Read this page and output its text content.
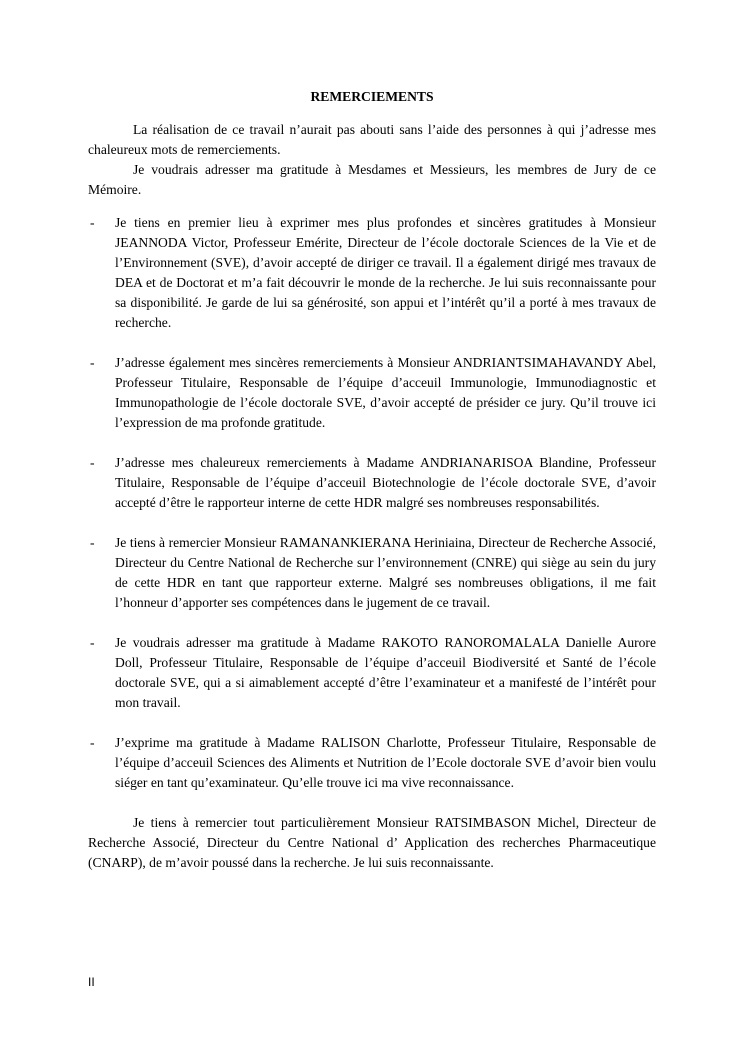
REMERCIEMENTS

La réalisation de ce travail n’aurait pas abouti sans l’aide des personnes à qui j’adresse mes chaleureux mots de remerciements.

Je voudrais adresser ma gratitude à Mesdames et Messieurs, les membres de Jury de ce Mémoire.

- Je tiens en premier lieu à exprimer mes plus profondes et sincères gratitudes à Monsieur JEANNODA Victor, Professeur Emérite, Directeur de l’école doctorale Sciences de la Vie et de l’Environnement (SVE), d’avoir accepté de diriger ce travail. Il a également dirigé mes travaux de DEA et de Doctorat et m’a fait découvrir le monde de la recherche. Je lui suis reconnaissante pour sa disponibilité. Je garde de lui sa générosité, son appui et l’intérêt qu’il a porté à mes travaux de recherche.
- J’adresse également mes sincères remerciements à Monsieur ANDRIANTSIMAHAVANDY Abel, Professeur Titulaire, Responsable de l’équipe d’acceuil Immunologie, Immunodiagnostic et Immunopathologie de l’école doctorale SVE, d’avoir accepté de présider ce jury. Qu’il trouve ici l’expression de ma profonde gratitude.
- J’adresse mes chaleureux remerciements à Madame ANDRIANARISOA Blandine, Professeur Titulaire, Responsable de l’équipe d’acceuil Biotechnologie de l’école doctorale SVE, d’avoir accepté d’être le rapporteur interne de cette HDR malgré ses nombreuses responsabilités.
- Je tiens à remercier Monsieur RAMANANKIERANA Heriniaina, Directeur de Recherche Associé, Directeur du Centre National de Recherche sur l’environnement (CNRE) qui siège au sein du jury de cette HDR en tant que rapporteur externe. Malgré ses nombreuses obligations, il me fait l’honneur d’apporter ses compétences dans le jugement de ce travail.
- Je voudrais adresser ma gratitude à Madame RAKOTO RANOROMALALA Danielle Aurore Doll, Professeur Titulaire, Responsable de l’équipe d’acceuil Biodiversité et Santé de l’école doctorale SVE, qui a si aimablement accepté d’être l’examinateur et a manifesté de l’intérêt pour mon travail.
- J’exprime ma gratitude à Madame RALISON Charlotte, Professeur Titulaire, Responsable de l’équipe d’acceuil Sciences des Aliments et Nutrition de l’Ecole doctorale SVE d’avoir bien voulu siéger en tant qu’examinateur. Qu’elle trouve ici ma vive reconnaissance.

Je tiens à remercier tout particulièrement Monsieur RATSIMBASON Michel, Directeur de Recherche Associé, Directeur du Centre National d’ Application des recherches Pharmaceutique (CNARP), de m’avoir poussé dans la recherche. Je lui suis reconnaissante.

II
